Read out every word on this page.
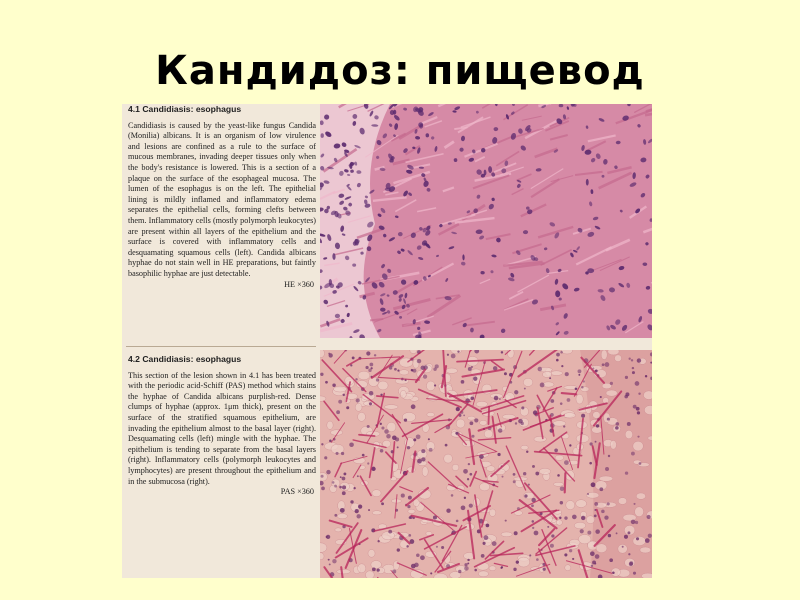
Кандидоз: пищевод

4.1 Candidiasis: esophagus

Candidiasis is caused by the yeast-like fungus Candida (Monilia) albicans. It is an organism of low virulence and lesions are confined as a rule to the surface of mucous membranes, invading deeper tissues only when the body's resistance is lowered. This is a section of a plaque on the surface of the esophageal mucosa. The lumen of the esophagus is on the left. The epithelial lining is mildly inflamed and inflammatory edema separates the epithelial cells, forming clefts between them. Inflammatory cells (mostly polymorph leukocytes) are present within all layers of the epithelium and the surface is covered with inflammatory cells and desquamating squamous cells (left). Candida albicans hyphae do not stain well in HE preparations, but faintly basophilic hyphae are just detectable.
HE ×360

4.2 Candidiasis: esophagus

This section of the lesion shown in 4.1 has been treated with the periodic acid-Schiff (PAS) method which stains the hyphae of Candida albicans purplish-red. Dense clumps of hyphae (approx. 1μm thick), present on the surface of the stratified squamous epithelium, are invading the epithelium almost to the basal layer (right). Desquamating cells (left) mingle with the hyphae. The epithelium is tending to separate from the basal layers (right). Inflammatory cells (polymorph leukocytes and lymphocytes) are present throughout the epithelium and in the submucosa (right).
PAS ×360
